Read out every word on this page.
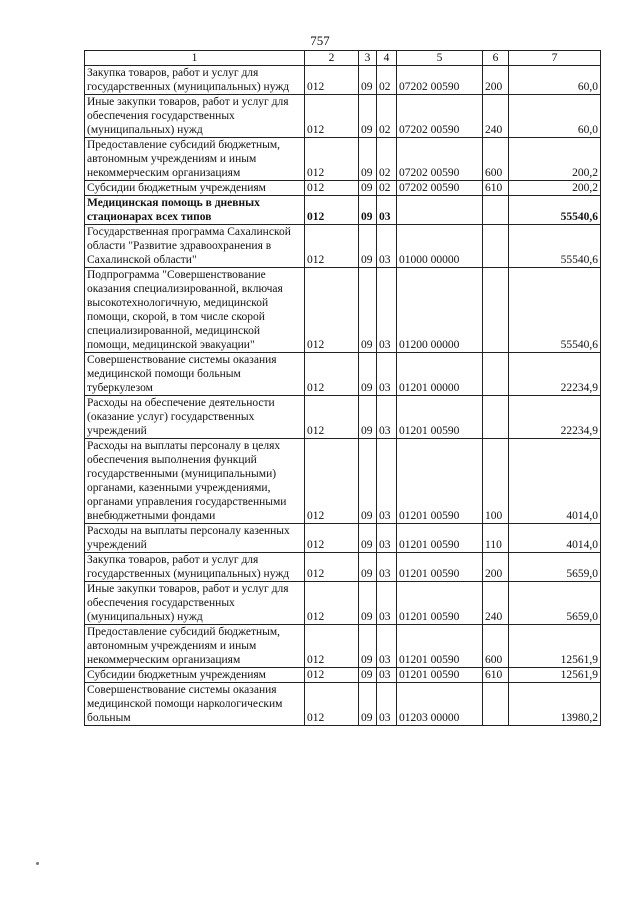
757
1	2	3	4	5	6	7
Закупка товаров, работ и услуг для государственных (муниципальных) нужд	012	09	02	07202 00590	200	60,0
Иные закупки товаров, работ и услуг для обеспечения государственных (муниципальных) нужд	012	09	02	07202 00590	240	60,0
Предоставление субсидий бюджетным, автономным учреждениям и иным некоммерческим организациям	012	09	02	07202 00590	600	200,2
Субсидии бюджетным учреждениям	012	09	02	07202 00590	610	200,2
Медицинская помощь в дневных стационарах всех типов	012	09	03			55540,6
Государственная программа Сахалинской области "Развитие здравоохранения в Сахалинской области"	012	09	03	01000 00000		55540,6
Подпрограмма "Совершенствование оказания специализированной, включая высокотехнологичную, медицинской помощи, скорой, в том числе скорой специализированной, медицинской помощи, медицинской эвакуации"	012	09	03	01200 00000		55540,6
Совершенствование системы оказания медицинской помощи больным туберкулезом	012	09	03	01201 00000		22234,9
Расходы на обеспечение деятельности (оказание услуг) государственных учреждений	012	09	03	01201 00590		22234,9
Расходы на выплаты персоналу в целях обеспечения выполнения функций государственными (муниципальными) органами, казенными учреждениями, органами управления государственными внебюджетными фондами	012	09	03	01201 00590	100	4014,0
Расходы на выплаты персоналу казенных учреждений	012	09	03	01201 00590	110	4014,0
Закупка товаров, работ и услуг для государственных (муниципальных) нужд	012	09	03	01201 00590	200	5659,0
Иные закупки товаров, работ и услуг для обеспечения государственных (муниципальных) нужд	012	09	03	01201 00590	240	5659,0
Предоставление субсидий бюджетным, автономным учреждениям и иным некоммерческим организациям	012	09	03	01201 00590	600	12561,9
Субсидии бюджетным учреждениям	012	09	03	01201 00590	610	12561,9
Совершенствование системы оказания медицинской помощи наркологическим больным	012	09	03	01203 00000		13980,2
